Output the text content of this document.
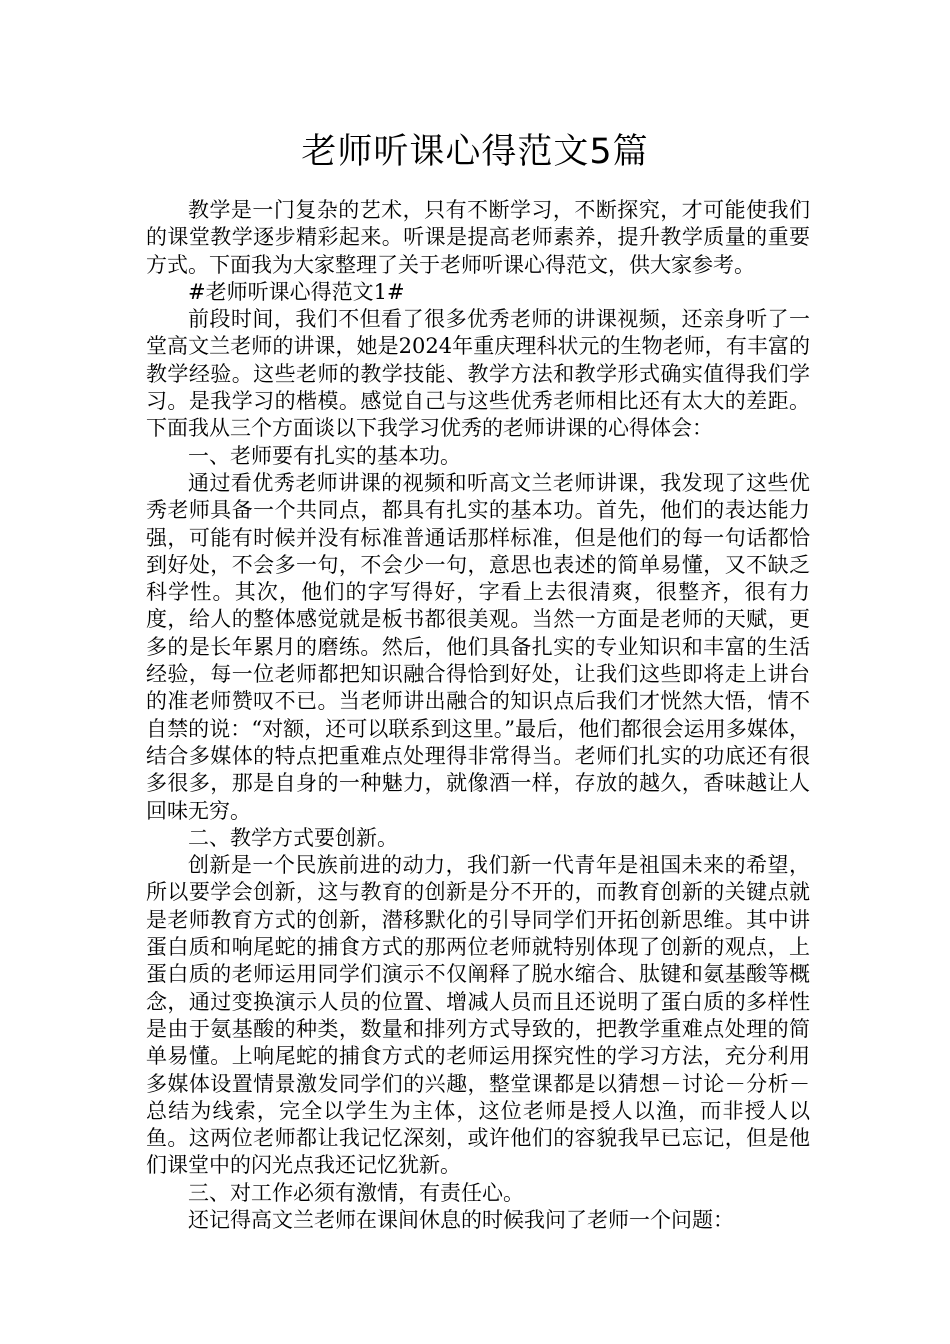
老师听课心得范文5篇

教学是一门复杂的艺术，只有不断学习，不断探究，才可能使我们的课堂教学逐步精彩起来。听课是提高老师素养，提升教学质量的重要方式。下面我为大家整理了关于老师听课心得范文，供大家参考。

#老师听课心得范文1#

前段时间，我们不但看了很多优秀老师的讲课视频，还亲身听了一堂高文兰老师的讲课，她是2024年重庆理科状元的生物老师，有丰富的教学经验。这些老师的教学技能、教学方法和教学形式确实值得我们学习。是我学习的楷模。感觉自己与这些优秀老师相比还有太大的差距。下面我从三个方面谈以下我学习优秀的老师讲课的心得体会：

一、老师要有扎实的基本功。

通过看优秀老师讲课的视频和听高文兰老师讲课，我发现了这些优秀老师具备一个共同点，都具有扎实的基本功。首先，他们的表达能力强，可能有时候并没有标准普通话那样标准，但是他们的每一句话都恰到好处，不会多一句，不会少一句，意思也表述的简单易懂，又不缺乏科学性。其次，他们的字写得好，字看上去很清爽，很整齐，很有力度，给人的整体感觉就是板书都很美观。当然一方面是老师的天赋，更多的是长年累月的磨练。然后，他们具备扎实的专业知识和丰富的生活经验，每一位老师都把知识融合得恰到好处，让我们这些即将走上讲台的准老师赞叹不已。当老师讲出融合的知识点后我们才恍然大悟，情不自禁的说：“对额，还可以联系到这里。”最后，他们都很会运用多媒体，结合多媒体的特点把重难点处理得非常得当。老师们扎实的功底还有很多很多，那是自身的一种魅力，就像酒一样，存放的越久，香味越让人回味无穷。

二、教学方式要创新。

创新是一个民族前进的动力，我们新一代青年是祖国未来的希望，所以要学会创新，这与教育的创新是分不开的，而教育创新的关键点就是老师教育方式的创新，潜移默化的引导同学们开拓创新思维。其中讲蛋白质和响尾蛇的捕食方式的那两位老师就特别体现了创新的观点，上蛋白质的老师运用同学们演示不仅阐释了脱水缩合、肽键和氨基酸等概念，通过变换演示人员的位置、增减人员而且还说明了蛋白质的多样性是由于氨基酸的种类，数量和排列方式导致的，把教学重难点处理的简单易懂。上响尾蛇的捕食方式的老师运用探究性的学习方法，充分利用多媒体设置情景激发同学们的兴趣，整堂课都是以猜想－讨论－分析－总结为线索，完全以学生为主体，这位老师是授人以渔，而非授人以鱼。这两位老师都让我记忆深刻，或许他们的容貌我早已忘记，但是他们课堂中的闪光点我还记忆犹新。

三、对工作必须有激情，有责任心。

还记得高文兰老师在课间休息的时候我问了老师一个问题：
